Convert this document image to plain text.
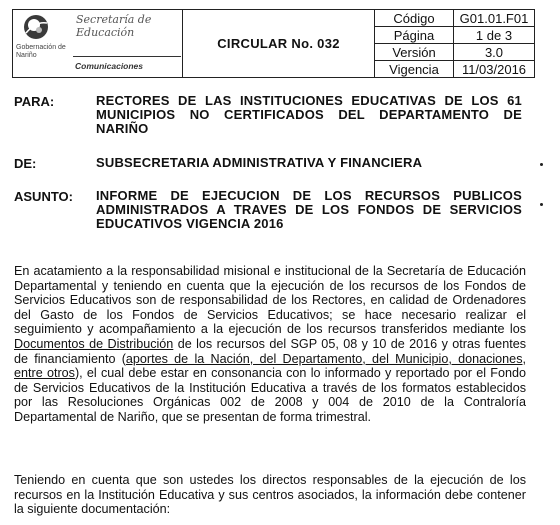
Gobernación de Nariño
Secretaría de Educación
Comunicaciones	CIRCULAR No. 032	Código	G01.01.F01
		Página	1 de 3
		Versión	3.0
		Vigencia	11/03/2016
PARA:	RECTORES DE LAS INSTITUCIONES EDUCATIVAS DE LOS 61 MUNICIPIOS NO CERTIFICADOS DEL DEPARTAMENTO DE NARIÑO
DE:	SUBSECRETARIA ADMINISTRATIVA Y FINANCIERA
ASUNTO: INFORME DE EJECUCION DE LOS RECURSOS PUBLICOS ADMINISTRADOS A TRAVES DE LOS FONDOS DE SERVICIOS EDUCATIVOS VIGENCIA 2016
En acatamiento a la responsabilidad misional e institucional de la Secretaría de Educación Departamental y teniendo en cuenta que la ejecución de los recursos de los Fondos de Servicios Educativos son de responsabilidad de los Rectores, en calidad de Ordenadores del Gasto de los Fondos de Servicios Educativos; se hace necesario realizar el seguimiento y acompañamiento a la ejecución de los recursos transferidos mediante los Documentos de Distribución de los recursos del SGP 05, 08 y 10 de 2016 y otras fuentes de financiamiento (aportes de la Nación, del Departamento, del Municipio, donaciones, entre otros), el cual debe estar en consonancia con lo informado y reportado por el Fondo de Servicios Educativos de la Institución Educativa a través de los formatos establecidos por las Resoluciones Orgánicas 002 de 2008 y 004 de 2010 de la Contraloría Departamental de Nariño, que se presentan de forma trimestral.
Teniendo en cuenta que son ustedes los directos responsables de la ejecución de los recursos en la Institución Educativa y sus centros asociados, la información debe contener la siguiente documentación:
